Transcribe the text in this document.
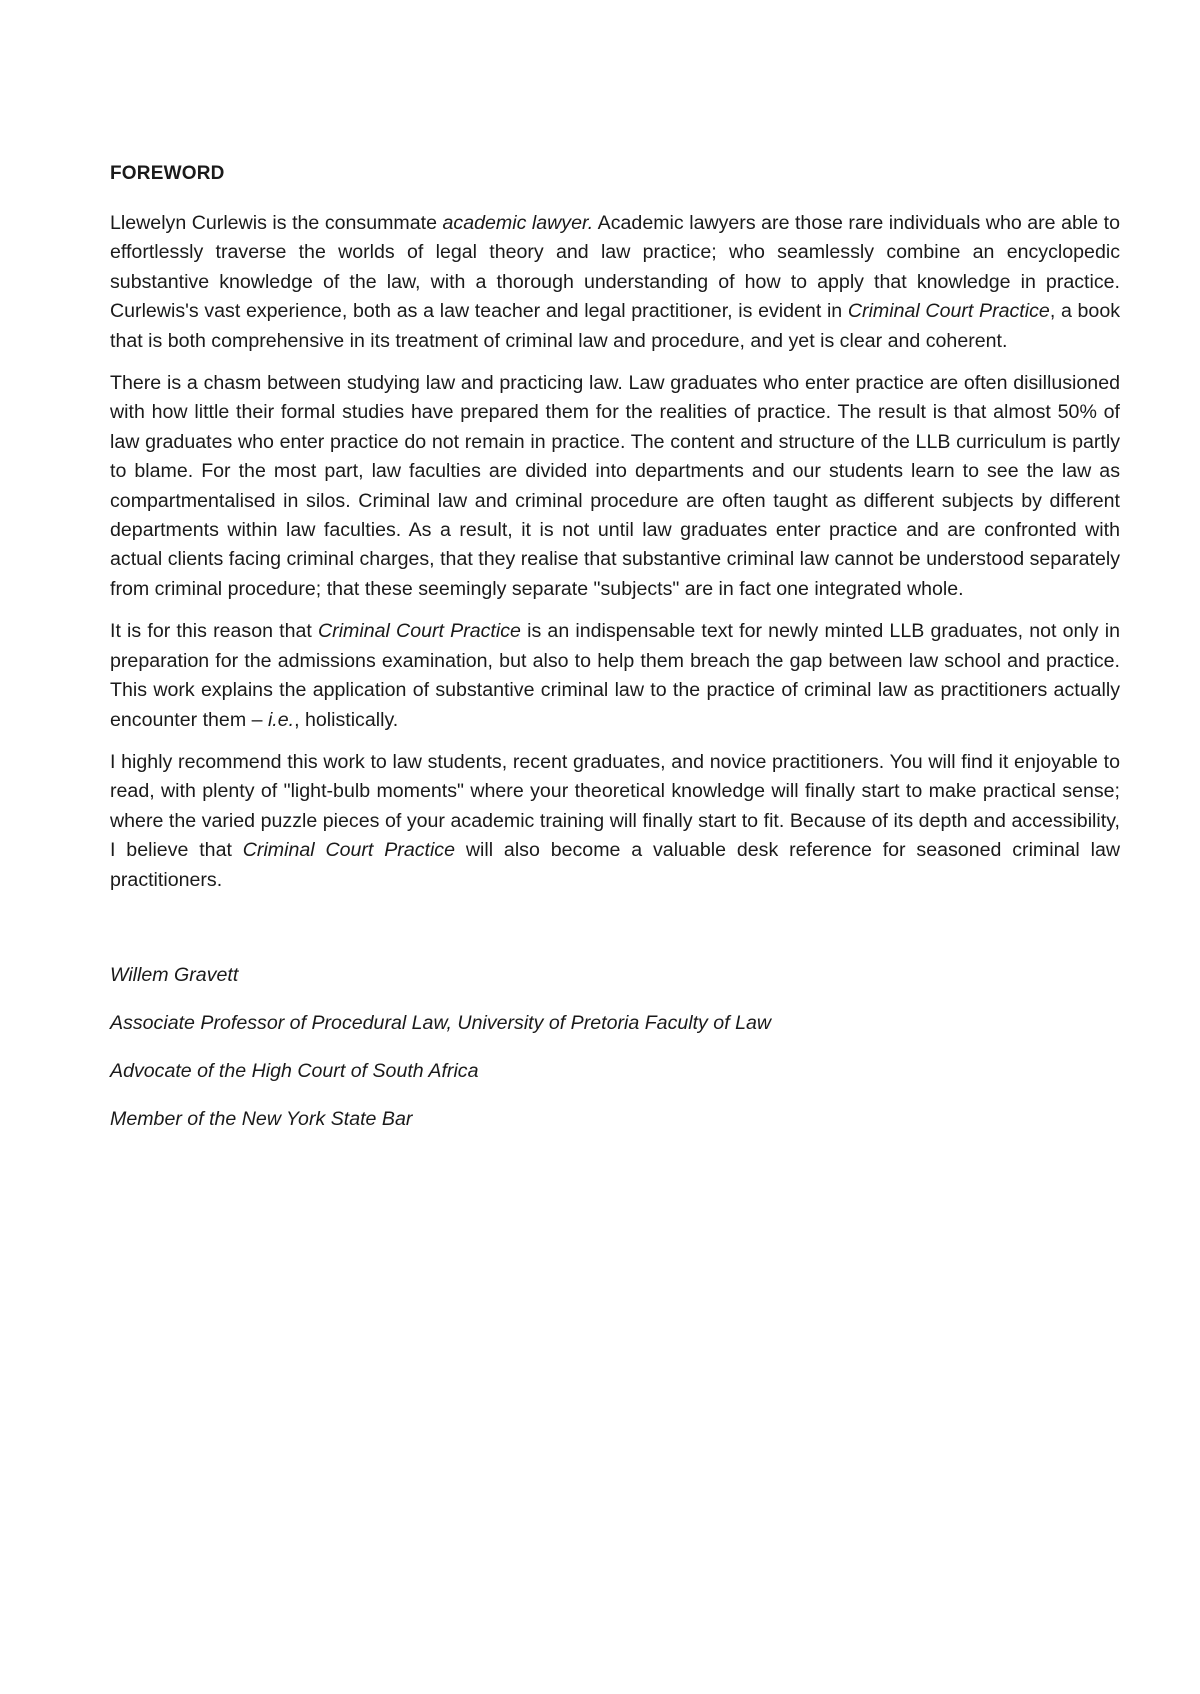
FOREWORD

Llewelyn Curlewis is the consummate academic lawyer. Academic lawyers are those rare individuals who are able to effortlessly traverse the worlds of legal theory and law practice; who seamlessly combine an encyclopedic substantive knowledge of the law, with a thorough understanding of how to apply that knowledge in practice. Curlewis's vast experience, both as a law teacher and legal practitioner, is evident in Criminal Court Practice, a book that is both comprehensive in its treatment of criminal law and procedure, and yet is clear and coherent.

There is a chasm between studying law and practicing law. Law graduates who enter practice are often disillusioned with how little their formal studies have prepared them for the realities of practice. The result is that almost 50% of law graduates who enter practice do not remain in practice. The content and structure of the LLB curriculum is partly to blame. For the most part, law faculties are divided into departments and our students learn to see the law as compartmentalised in silos. Criminal law and criminal procedure are often taught as different subjects by different departments within law faculties. As a result, it is not until law graduates enter practice and are confronted with actual clients facing criminal charges, that they realise that substantive criminal law cannot be understood separately from criminal procedure; that these seemingly separate "subjects" are in fact one integrated whole.

It is for this reason that Criminal Court Practice is an indispensable text for newly minted LLB graduates, not only in preparation for the admissions examination, but also to help them breach the gap between law school and practice. This work explains the application of substantive criminal law to the practice of criminal law as practitioners actually encounter them – i.e., holistically.

I highly recommend this work to law students, recent graduates, and novice practitioners. You will find it enjoyable to read, with plenty of "light-bulb moments" where your theoretical knowledge will finally start to make practical sense; where the varied puzzle pieces of your academic training will finally start to fit. Because of its depth and accessibility, I believe that Criminal Court Practice will also become a valuable desk reference for seasoned criminal law practitioners.

Willem Gravett

Associate Professor of Procedural Law, University of Pretoria Faculty of Law

Advocate of the High Court of South Africa

Member of the New York State Bar
